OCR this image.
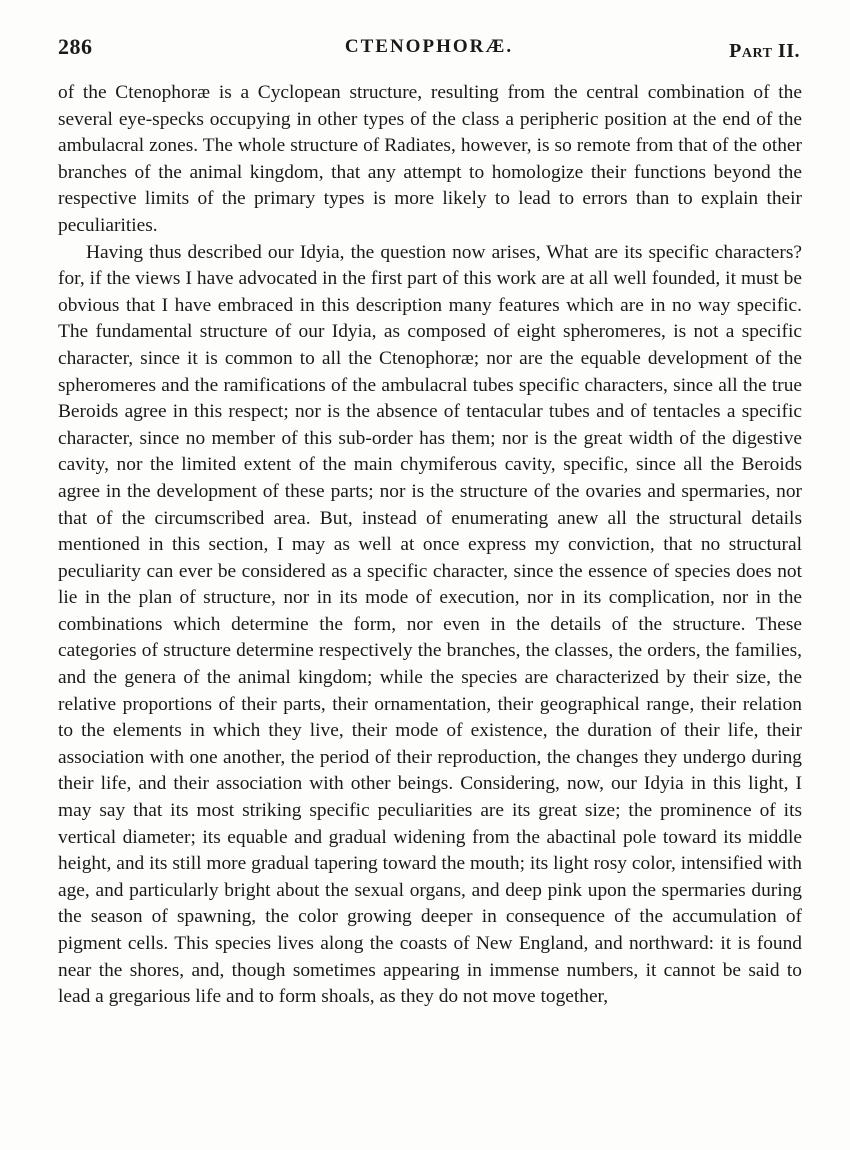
286	CTENOPHORÆ.	Part II.

of the Ctenophoræ is a Cyclopean structure, resulting from the central combination of the several eye-specks occupying in other types of the class a peripheric position at the end of the ambulacral zones. The whole structure of Radiates, however, is so remote from that of the other branches of the animal kingdom, that any attempt to homologize their functions beyond the respective limits of the primary types is more likely to lead to errors than to explain their peculiarities.

Having thus described our Idyia, the question now arises, What are its specific characters? for, if the views I have advocated in the first part of this work are at all well founded, it must be obvious that I have embraced in this description many features which are in no way specific. The fundamental structure of our Idyia, as composed of eight spheromeres, is not a specific character, since it is common to all the Ctenophoræ; nor are the equable development of the spheromeres and the ramifications of the ambulacral tubes specific characters, since all the true Beroids agree in this respect; nor is the absence of tentacular tubes and of tentacles a specific character, since no member of this sub-order has them; nor is the great width of the digestive cavity, nor the limited extent of the main chymiferous cavity, specific, since all the Beroids agree in the development of these parts; nor is the structure of the ovaries and spermaries, nor that of the circumscribed area. But, instead of enumerating anew all the structural details mentioned in this section, I may as well at once express my conviction, that no structural peculiarity can ever be considered as a specific character, since the essence of species does not lie in the plan of structure, nor in its mode of execution, nor in its complication, nor in the combinations which determine the form, nor even in the details of the structure. These categories of structure determine respectively the branches, the classes, the orders, the families, and the genera of the animal kingdom; while the species are characterized by their size, the relative proportions of their parts, their ornamentation, their geographical range, their relation to the elements in which they live, their mode of existence, the duration of their life, their association with one another, the period of their reproduction, the changes they undergo during their life, and their association with other beings. Considering, now, our Idyia in this light, I may say that its most striking specific peculiarities are its great size; the prominence of its vertical diameter; its equable and gradual widening from the abactinal pole toward its middle height, and its still more gradual tapering toward the mouth; its light rosy color, intensified with age, and particularly bright about the sexual organs, and deep pink upon the spermaries during the season of spawning, the color growing deeper in consequence of the accumulation of pigment cells. This species lives along the coasts of New England, and northward: it is found near the shores, and, though sometimes appearing in immense numbers, it cannot be said to lead a gregarious life and to form shoals, as they do not move together,
